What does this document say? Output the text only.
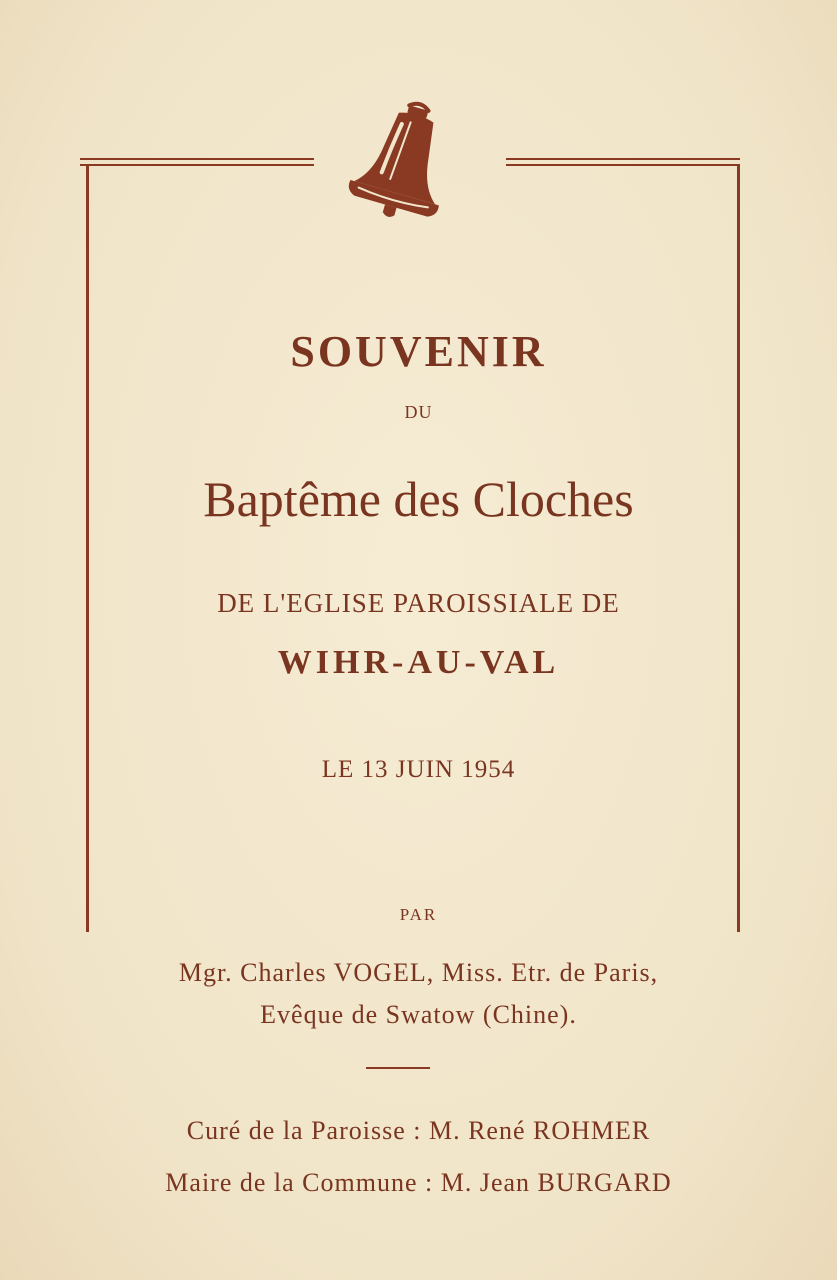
SOUVENIR
DU
Baptême des Cloches
DE L'EGLISE PAROISSIALE DE
WIHR-AU-VAL
LE 13 JUIN 1954
PAR
Mgr. Charles VOGEL, Miss. Etr. de Paris,
Evêque de Swatow (Chine).
Curé de la Paroisse : M. René ROHMER
Maire de la Commune : M. Jean BURGARD
